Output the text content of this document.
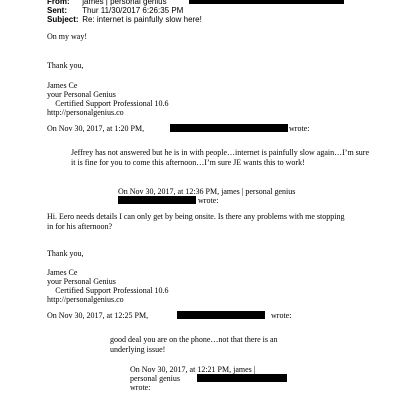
From: james | personal genius
Sent: Thur 11/30/2017 6:26:35 PM
Subject: Re: internet is painfully slow here!
On my way!
Thank you,
James Ce
your Personal Genius
Certified Support Professional 10.6
http://personalgenius.co
On Nov 30, 2017, at 1:20 PM,	wrote:
Jeffrey has not answered but he is in with people…internet is painfully slow again…I’m sure it is fine for you to come this afternoon…I’m sure JE wants this to work!
On Nov 30, 2017, at 12:36 PM, james | personal genius
wrote:
Hi. Eero needs details I can only get by being onsite. Is there any problems with me stopping in for his afternoon?
Thank you,
James Ce
your Personal Genius
Certified Support Professional 10.6
http://personalgenius.co
On Nov 30, 2017, at 12:25 PM,	wrote:
good deal you are on the phone…not that there is an underlying issue!
On Nov 30, 2017, at 12:21 PM, james |
personal genius
wrote:
